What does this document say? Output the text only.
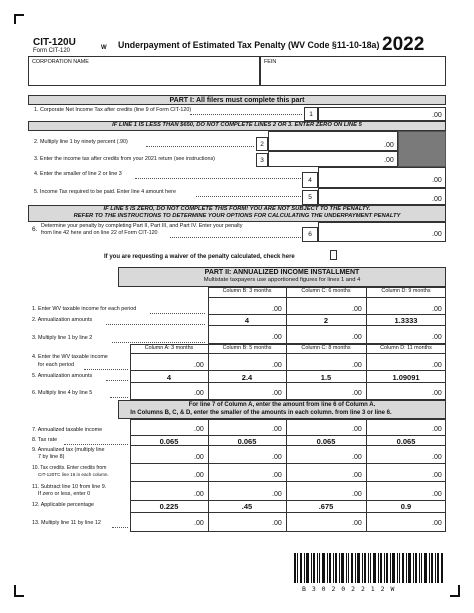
CIT-120U
Form CIT-120	W Underpayment of Estimated Tax Penalty (WV Code §11-10-18a) 2022
CORPORATION NAME	FEIN
PART I: All filers must complete this part
1. Corporate Net Income Tax after credits (line 9 of Form CIT-120)
1	.00
IF LINE 1 IS LESS THAN $650, DO NOT COMPLETE LINES 2 OR 3. ENTER ZERO ON LINE 5
2. Multiply line 1 by ninety percent (.90)	2	.00
3. Enter the income tax after credits from your 2021 return (see instructions)	3	.00
4. Enter the smaller of line 2 or line 3
4	.00
5. Income Tax required to be paid. Enter line 4 amount here
5	.00
IF LINE 5 IS ZERO, DO NOT COMPLETE THIS FORM! YOU ARE NOT SUBJECT TO THE PENALTY.
REFER TO THE INSTRUCTIONS TO DETERMINE YOUR OPTIONS FOR CALCULATING THE UNDERPAYMENT PENALTY
6. Determine your penalty by completing Part II, Part III, and Part IV. Enter your penalty
from line 42 here and on line 22 of Form CIT-120	6	.00
If you are requesting a waiver of the penalty calculated, check here
PART II: ANNUALIZED INCOME INSTALLMENT
Multistate taxpayers use apportioned figures for lines 1 and 4
Column B: 3 months	Column C: 6 months	Column D: 9 months
1. Enter WV taxable income for each period	.00	.00	.00
2. Annualization amounts	4	2	1.3333
3. Multiply line 1 by line 2	.00	.00	.00
Column A: 3 months	Column B: 5 months	Column C: 8 months	Column D: 11 months
4. Enter the WV taxable income
for each period	.00	.00	.00	.00
5. Annualization amounts	4	2.4	1.5	1.09091
6. Multiply line 4 by line 5	.00	.00	.00	.00
For line 7 of Column A, enter the amount from line 6 of Column A.
In Columns B, C, & D, enter the smaller of the amounts in each column. from line 3 or line 6.
7. Annualized taxable income	.00	.00	.00	.00
8. Tax rate	0.065	0.065	0.065	0.065
9. Annualized tax (multiply line
7 by line 8)	.00	.00	.00	.00
10. Tax credits. Enter credits from
CIT-120TC line 16 in each column.	.00	.00	.00	.00
11. Subtract line 10 from line 9.
If zero or less, enter 0	.00	.00	.00	.00
12. Applicable percentage	0.225	.45	.675	0.9
13. Multiply line 11 by line 12	.00	.00	.00	.00
B 3 0 2 0 2 2 1 2 W
